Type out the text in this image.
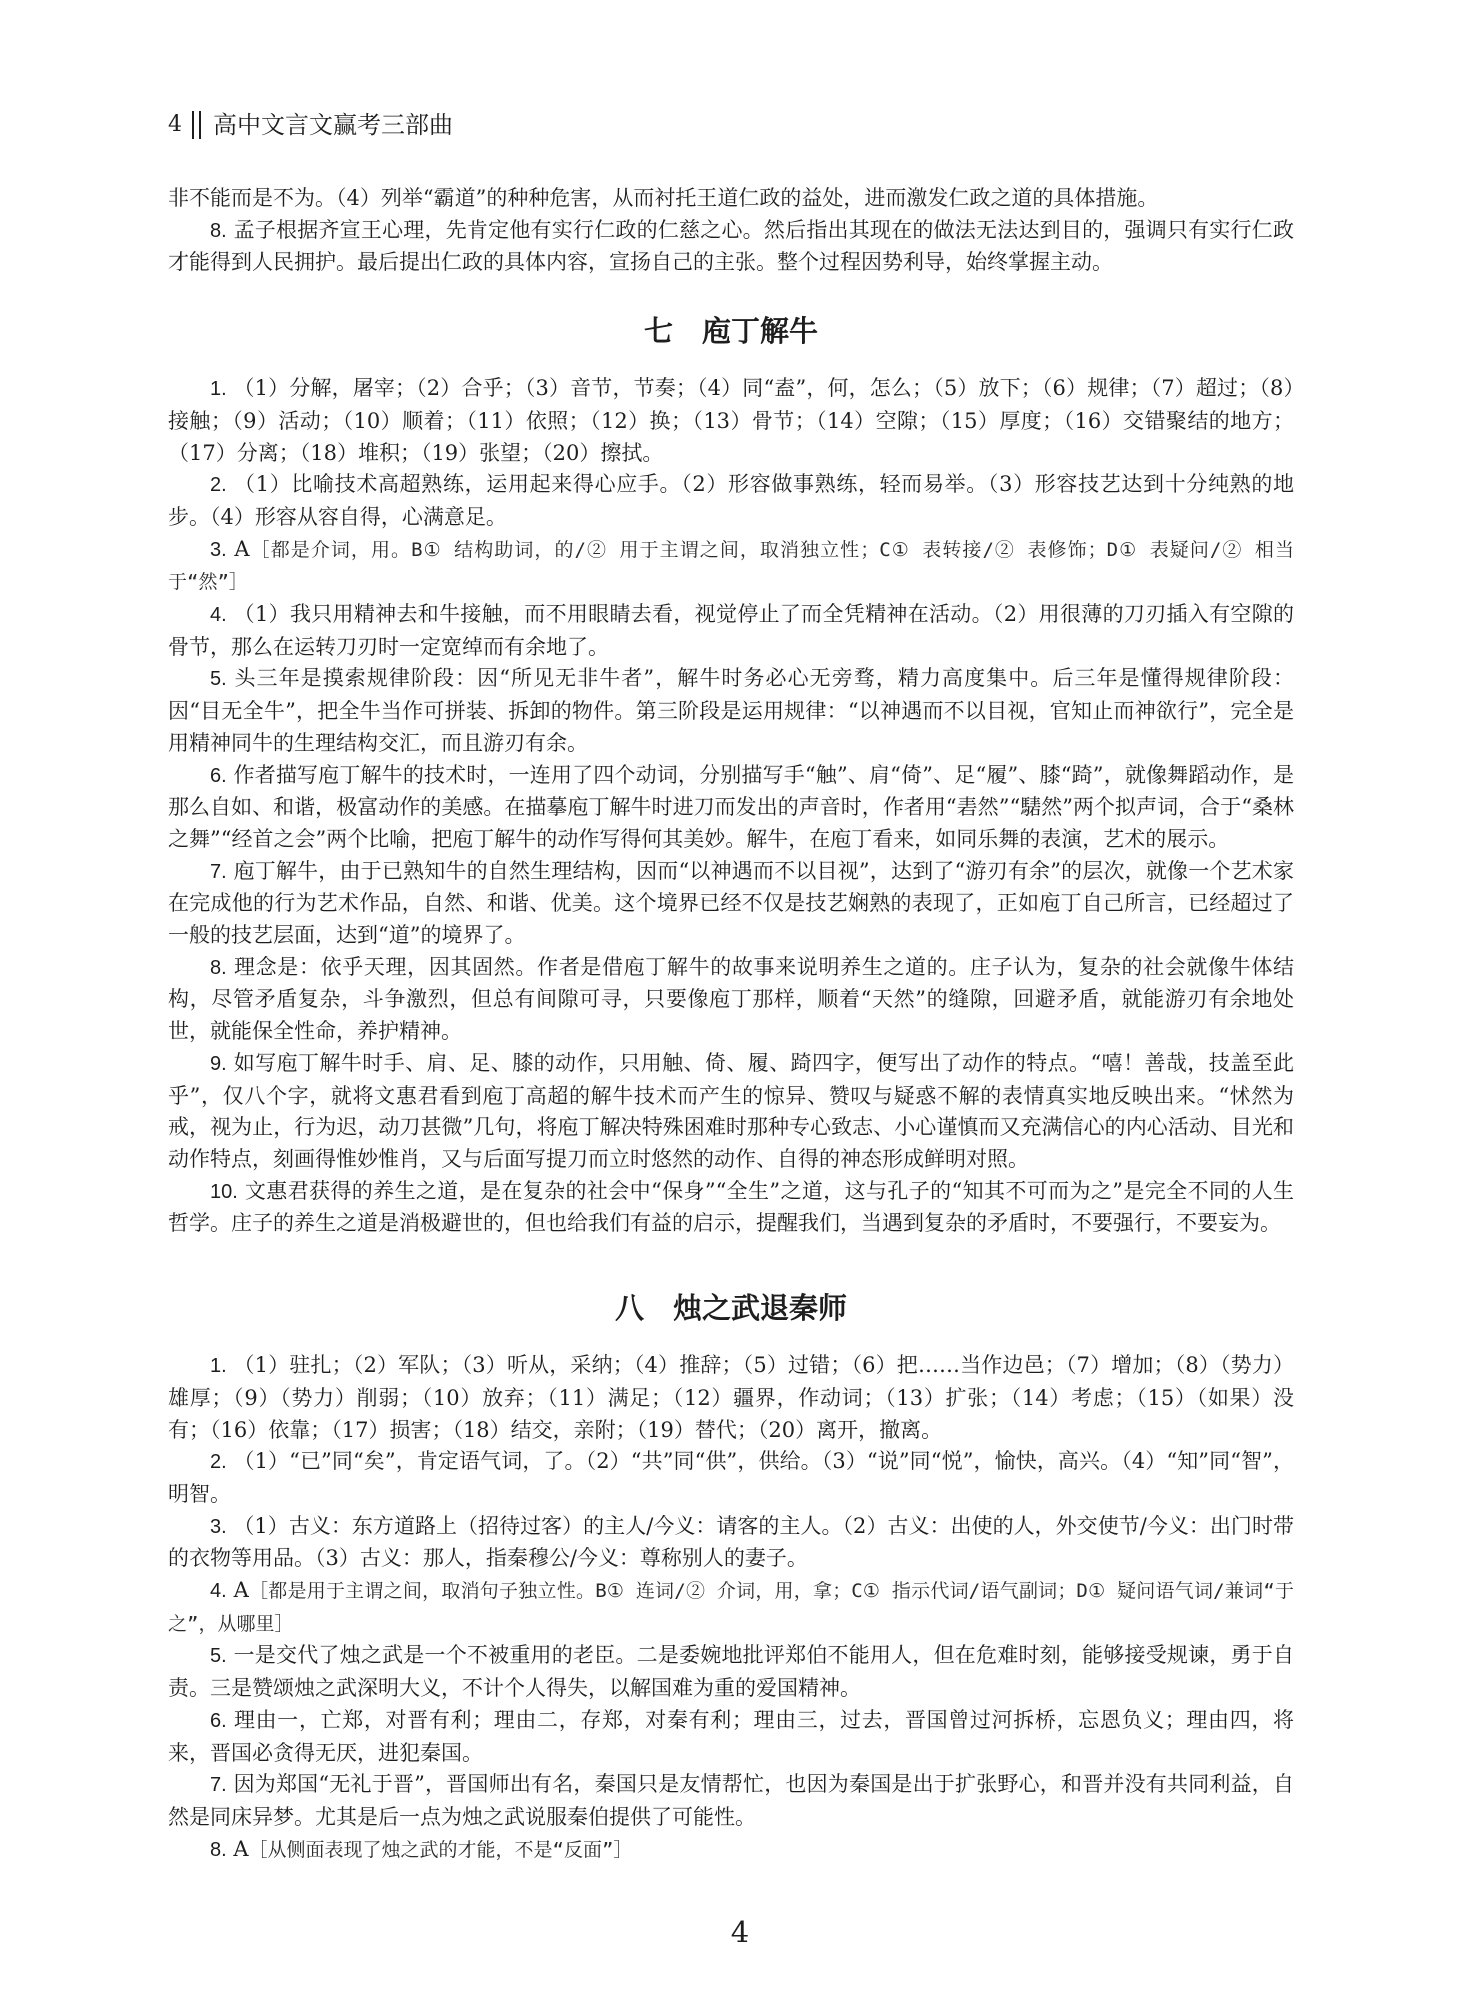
4 高中文言文赢考三部曲

非不能而是不为。（4）列举“霸道”的种种危害，从而衬托王道仁政的益处，进而激发仁政之道的具体措施。

8. 孟子根据齐宣王心理，先肯定他有实行仁政的仁慈之心。然后指出其现在的做法无法达到目的，强调只有实行仁政才能得到人民拥护。最后提出仁政的具体内容，宣扬自己的主张。整个过程因势利导，始终掌握主动。

七　庖丁解牛

1. （1）分解，屠宰；（2）合乎；（3）音节，节奏；（4）同“盍”，何，怎么；（5）放下；（6）规律；（7）超过；（8）接触；（9）活动；（10）顺着；（11）依照；（12）换；（13）骨节；（14）空隙；（15）厚度；（16）交错聚结的地方；（17）分离；（18）堆积；（19）张望；（20）擦拭。

2. （1）比喻技术高超熟练，运用起来得心应手。（2）形容做事熟练，轻而易举。（3）形容技艺达到十分纯熟的地步。（4）形容从容自得，心满意足。

3. A［都是介词，用。B① 结构助词，的/② 用于主谓之间，取消独立性；C① 表转接/② 表修饰；D① 表疑问/② 相当于“然”］

4. （1）我只用精神去和牛接触，而不用眼睛去看，视觉停止了而全凭精神在活动。（2）用很薄的刀刃插入有空隙的骨节，那么在运转刀刃时一定宽绰而有余地了。

5. 头三年是摸索规律阶段：因“所见无非牛者”，解牛时务必心无旁骛，精力高度集中。后三年是懂得规律阶段：因“目无全牛”，把全牛当作可拼装、拆卸的物件。第三阶段是运用规律：“以神遇而不以目视，官知止而神欲行”，完全是用精神同牛的生理结构交汇，而且游刃有余。

6. 作者描写庖丁解牛的技术时，一连用了四个动词，分别描写手“触”、肩“倚”、足“履”、膝“踦”，就像舞蹈动作，是那么自如、和谐，极富动作的美感。在描摹庖丁解牛时进刀而发出的声音时，作者用“砉然”“騞然”两个拟声词，合于“桑林之舞”“经首之会”两个比喻，把庖丁解牛的动作写得何其美妙。解牛，在庖丁看来，如同乐舞的表演，艺术的展示。

7. 庖丁解牛，由于已熟知牛的自然生理结构，因而“以神遇而不以目视”，达到了“游刃有余”的层次，就像一个艺术家在完成他的行为艺术作品，自然、和谐、优美。这个境界已经不仅是技艺娴熟的表现了，正如庖丁自己所言，已经超过了一般的技艺层面，达到“道”的境界了。

8. 理念是：依乎天理，因其固然。作者是借庖丁解牛的故事来说明养生之道的。庄子认为，复杂的社会就像牛体结构，尽管矛盾复杂，斗争激烈，但总有间隙可寻，只要像庖丁那样，顺着“天然”的缝隙，回避矛盾，就能游刃有余地处世，就能保全性命，养护精神。

9. 如写庖丁解牛时手、肩、足、膝的动作，只用触、倚、履、踦四字，便写出了动作的特点。“嘻！善哉，技盖至此乎”，仅八个字，就将文惠君看到庖丁高超的解牛技术而产生的惊异、赞叹与疑惑不解的表情真实地反映出来。“怵然为戒，视为止，行为迟，动刀甚微”几句，将庖丁解决特殊困难时那种专心致志、小心谨慎而又充满信心的内心活动、目光和动作特点，刻画得惟妙惟肖，又与后面写提刀而立时悠然的动作、自得的神态形成鲜明对照。

10. 文惠君获得的养生之道，是在复杂的社会中“保身”“全生”之道，这与孔子的“知其不可而为之”是完全不同的人生哲学。庄子的养生之道是消极避世的，但也给我们有益的启示，提醒我们，当遇到复杂的矛盾时，不要强行，不要妄为。

八　烛之武退秦师

1. （1）驻扎；（2）军队；（3）听从，采纳；（4）推辞；（5）过错；（6）把……当作边邑；（7）增加；（8）（势力）雄厚；（9）（势力）削弱；（10）放弃；（11）满足；（12）疆界，作动词；（13）扩张；（14）考虑；（15）（如果）没有；（16）依靠；（17）损害；（18）结交，亲附；（19）替代；（20）离开，撤离。

2. （1）“已”同“矣”，肯定语气词，了。（2）“共”同“供”，供给。（3）“说”同“悦”，愉快，高兴。（4）“知”同“智”，明智。

3. （1）古义：东方道路上（招待过客）的主人/今义：请客的主人。（2）古义：出使的人，外交使节/今义：出门时带的衣物等用品。（3）古义：那人，指秦穆公/今义：尊称别人的妻子。

4. A［都是用于主谓之间，取消句子独立性。B① 连词/② 介词，用，拿；C① 指示代词/语气副词；D① 疑问语气词/兼词“于之”，从哪里］

5. 一是交代了烛之武是一个不被重用的老臣。二是委婉地批评郑伯不能用人，但在危难时刻，能够接受规谏，勇于自责。三是赞颂烛之武深明大义，不计个人得失，以解国难为重的爱国精神。

6. 理由一，亡郑，对晋有利；理由二，存郑，对秦有利；理由三，过去，晋国曾过河拆桥，忘恩负义；理由四，将来，晋国必贪得无厌，进犯秦国。

7. 因为郑国“无礼于晋”，晋国师出有名，秦国只是友情帮忙，也因为秦国是出于扩张野心，和晋并没有共同利益，自然是同床异梦。尤其是后一点为烛之武说服秦伯提供了可能性。

8. A［从侧面表现了烛之武的才能，不是“反面”］

4
